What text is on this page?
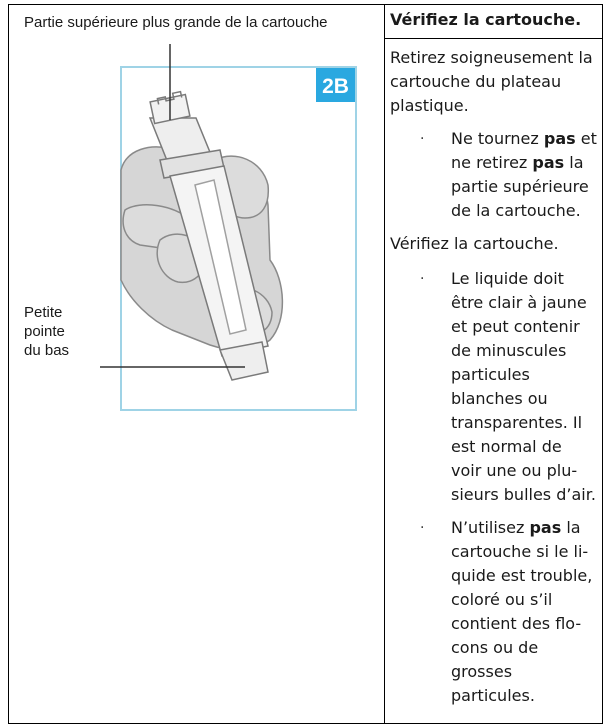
Partie supérieure plus grande de la cartouche
Petite
pointe
du bas
2B
Vérifiez la cartouche.
Retirez soigneusement la
cartouche du plateau
plastique.
· Ne tournez pas et
ne retirez pas la
partie supérieure
de la cartouche.
Vérifiez la cartouche.
· Le liquide doit
être clair à jaune
et peut contenir
de minuscules
particules
blanches ou
transparentes. Il
est normal de
voir une ou plu-
sieurs bulles d’air.
· N’utilisez pas la
cartouche si le li-
quide est trouble,
coloré ou s’il
contient des flo-
cons ou de
grosses
particules.
